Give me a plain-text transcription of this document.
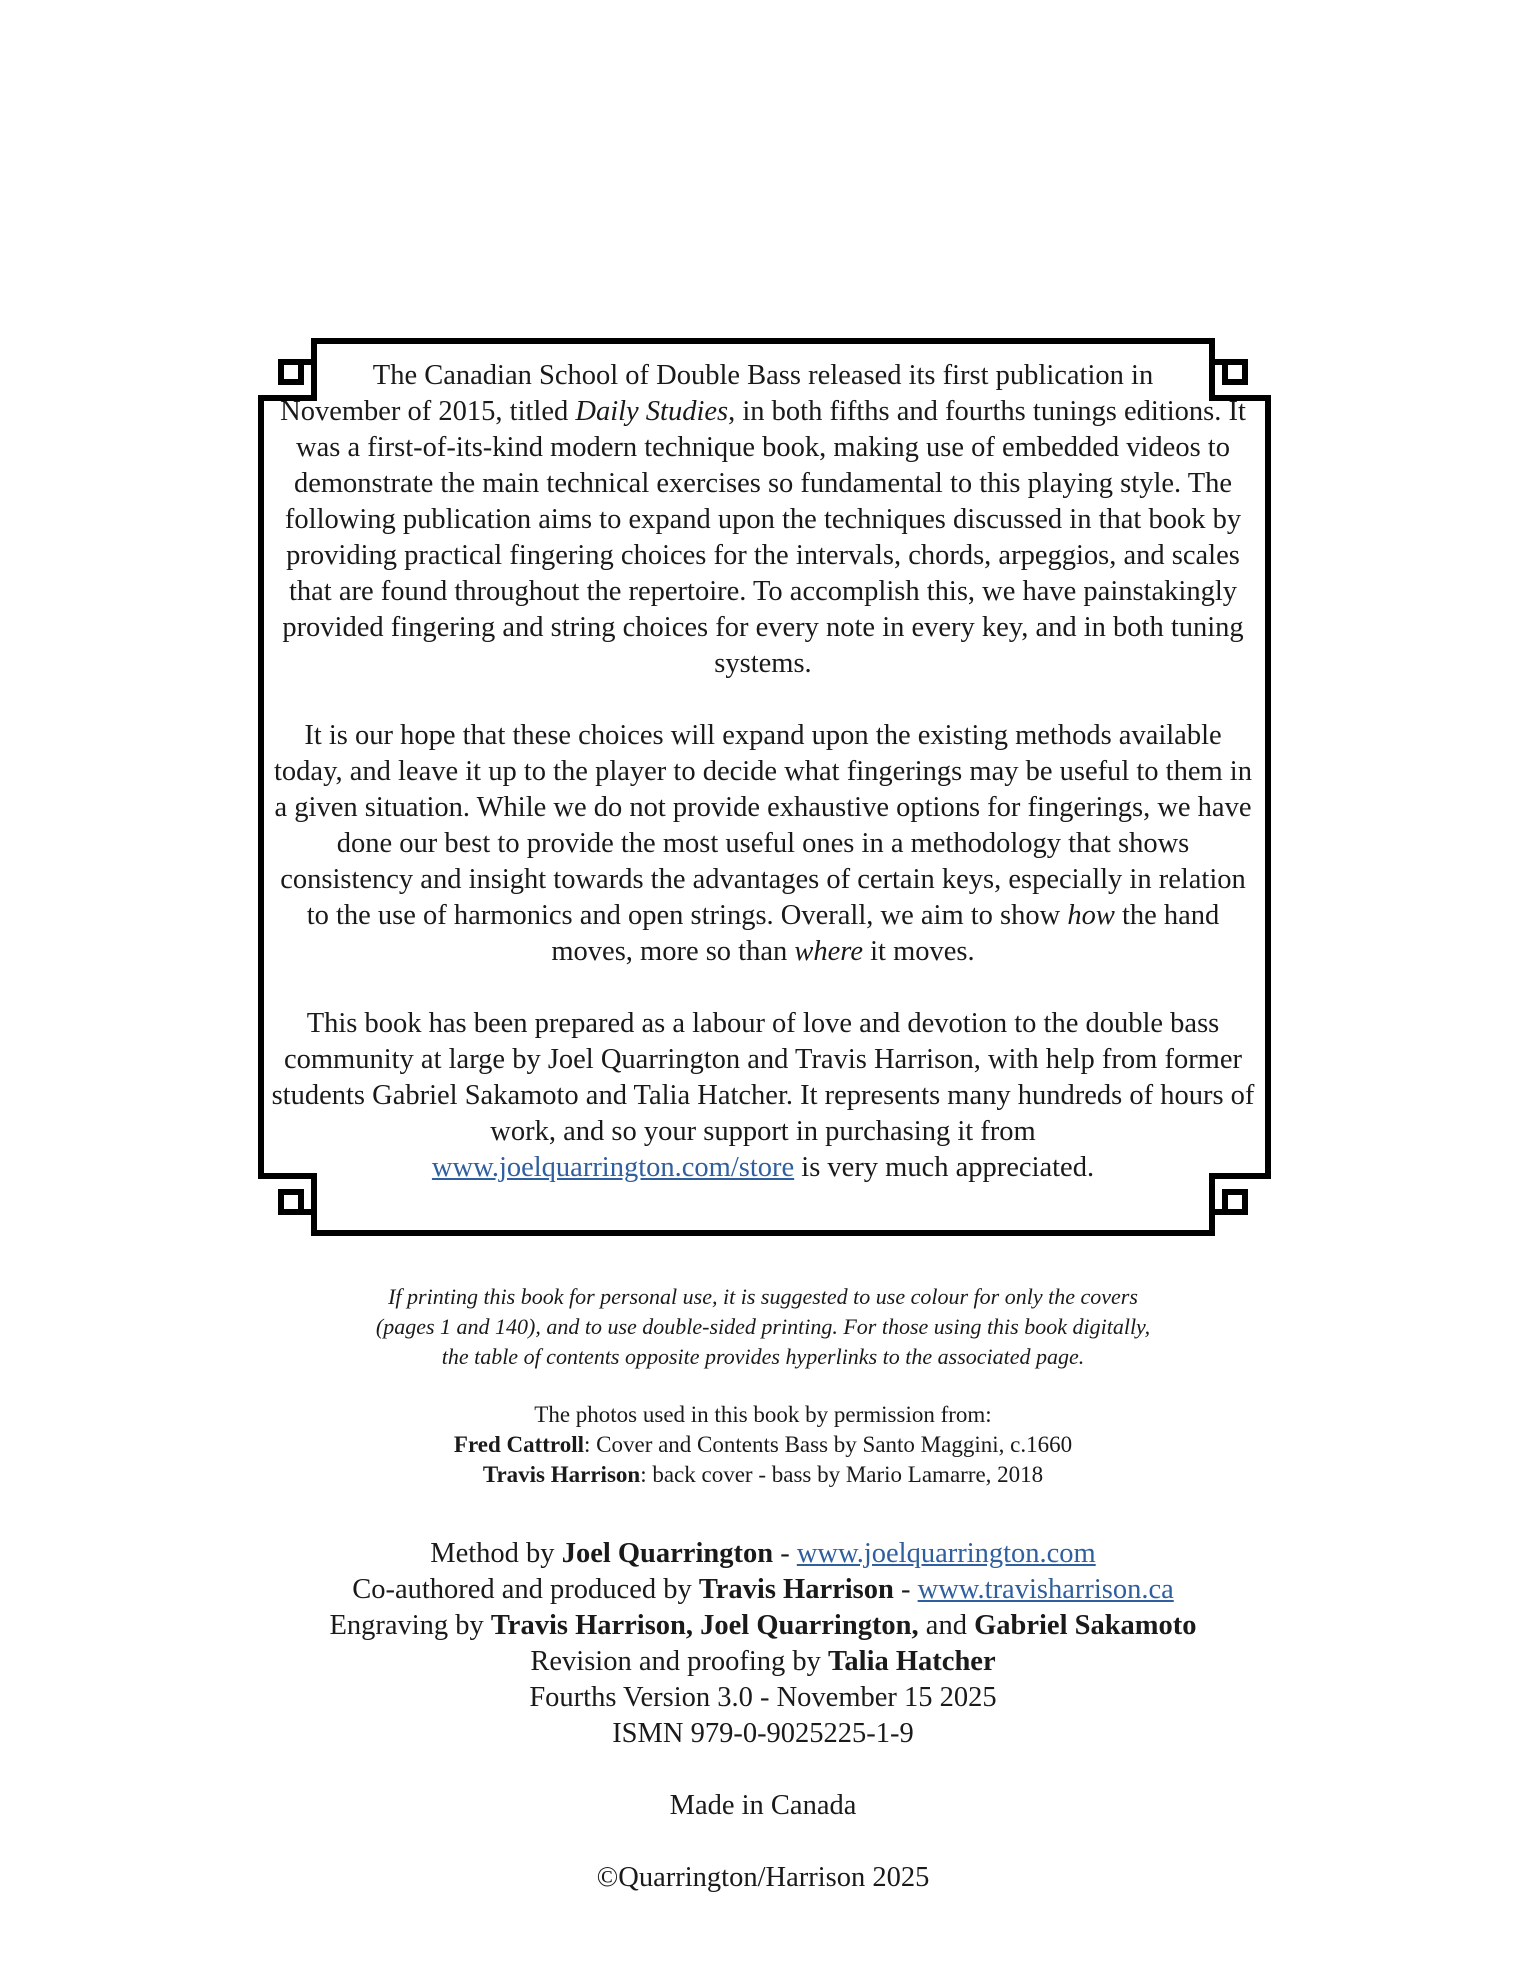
The Canadian School of Double Bass released its first publication in
November of 2015, titled Daily Studies, in both fifths and fourths tunings editions. It was a first-of-its-kind modern technique book, making use of embedded videos to demonstrate the main technical exercises so fundamental to this playing style. The following publication aims to expand upon the techniques discussed in that book by providing practical fingering choices for the intervals, chords, arpeggios, and scales that are found throughout the repertoire. To accomplish this, we have painstakingly provided fingering and string choices for every note in every key, and in both tuning systems.

It is our hope that these choices will expand upon the existing methods available today, and leave it up to the player to decide what fingerings may be useful to them in a given situation. While we do not provide exhaustive options for fingerings, we have done our best to provide the most useful ones in a methodology that shows consistency and insight towards the advantages of certain keys, especially in relation to the use of harmonics and open strings. Overall, we aim to show how the hand moves, more so than where it moves.

This book has been prepared as a labour of love and devotion to the double bass community at large by Joel Quarrington and Travis Harrison, with help from former students Gabriel Sakamoto and Talia Hatcher. It represents many hundreds of hours of work, and so your support in purchasing it from
www.joelquarrington.com/store is very much appreciated.

If printing this book for personal use, it is suggested to use colour for only the covers

(pages 1 and 140), and to use double-sided printing. For those using this book digitally,

the table of contents opposite provides hyperlinks to the associated page.

The photos used in this book by permission from:

Fred Cattroll: Cover and Contents Bass by Santo Maggini, c.1660

Travis Harrison: back cover - bass by Mario Lamarre, 2018

Method by Joel Quarrington - www.joelquarrington.com

Co-authored and produced by Travis Harrison - www.travisharrison.ca

Engraving by Travis Harrison, Joel Quarrington, and Gabriel Sakamoto

Revision and proofing by Talia Hatcher

Fourths Version 3.0 - November 15 2025

ISMN 979-0-9025225-1-9

Made in Canada

©Quarrington/Harrison 2025
